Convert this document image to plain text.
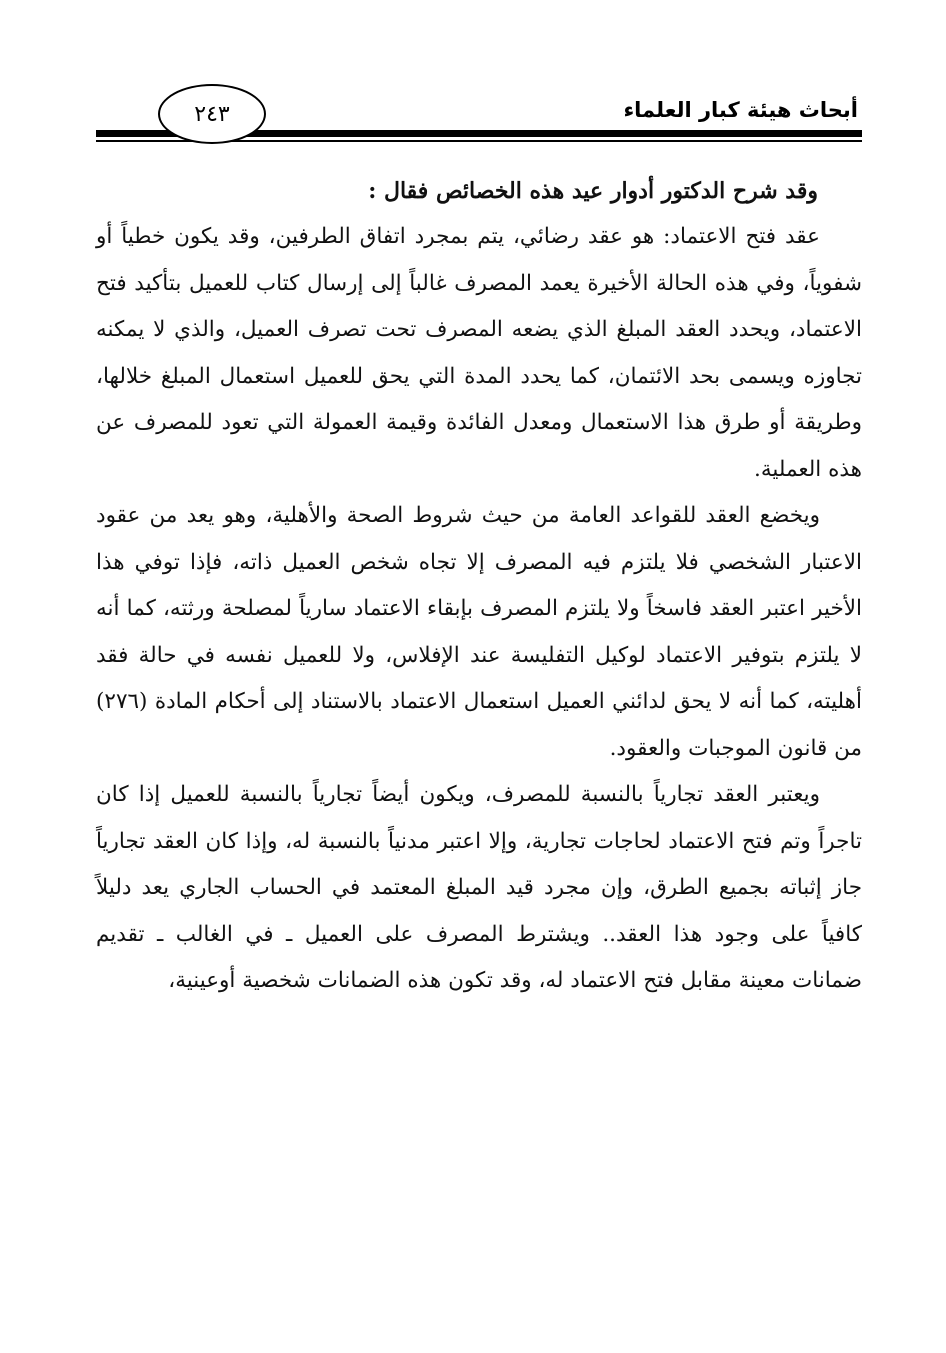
٢٤٣	أبحاث هيئة كبار العلماء

وقد شرح الدكتور أدوار عيد هذه الخصائص فقال :

عقد فتح الاعتماد: هو عقد رضائي، يتم بمجرد اتفاق الطرفين، وقد يكون خطياً أو شفوياً، وفي هذه الحالة الأخيرة يعمد المصرف غالباً إلى إرسال كتاب للعميل بتأكيد فتح الاعتماد، ويحدد العقد المبلغ الذي يضعه المصرف تحت تصرف العميل، والذي لا يمكنه تجاوزه ويسمى بحد الائتمان، كما يحدد المدة التي يحق للعميل استعمال المبلغ خلالها، وطريقة أو طرق هذا الاستعمال ومعدل الفائدة وقيمة العمولة التي تعود للمصرف عن هذه العملية.

ويخضع العقد للقواعد العامة من حيث شروط الصحة والأهلية، وهو يعد من عقود الاعتبار الشخصي فلا يلتزم فيه المصرف إلا تجاه شخص العميل ذاته، فإذا توفي هذا الأخير اعتبر العقد فاسخاً ولا يلتزم المصرف بإبقاء الاعتماد سارياً لمصلحة ورثته، كما أنه لا يلتزم بتوفير الاعتماد لوكيل التفليسة عند الإفلاس، ولا للعميل نفسه في حالة فقد أهليته، كما أنه لا يحق لدائني العميل استعمال الاعتماد بالاستناد إلى أحكام المادة (٢٧٦) من قانون الموجبات والعقود.

ويعتبر العقد تجارياً بالنسبة للمصرف، ويكون أيضاً تجارياً بالنسبة للعميل إذا كان تاجراً وتم فتح الاعتماد لحاجات تجارية، وإلا اعتبر مدنياً بالنسبة له، وإذا كان العقد تجارياً جاز إثباته بجميع الطرق، وإن مجرد قيد المبلغ المعتمد في الحساب الجاري يعد دليلاً كافياً على وجود هذا العقد.. ويشترط المصرف على العميل ـ في الغالب ـ تقديم ضمانات معينة مقابل فتح الاعتماد له، وقد تكون هذه الضمانات شخصية أوعينية،
